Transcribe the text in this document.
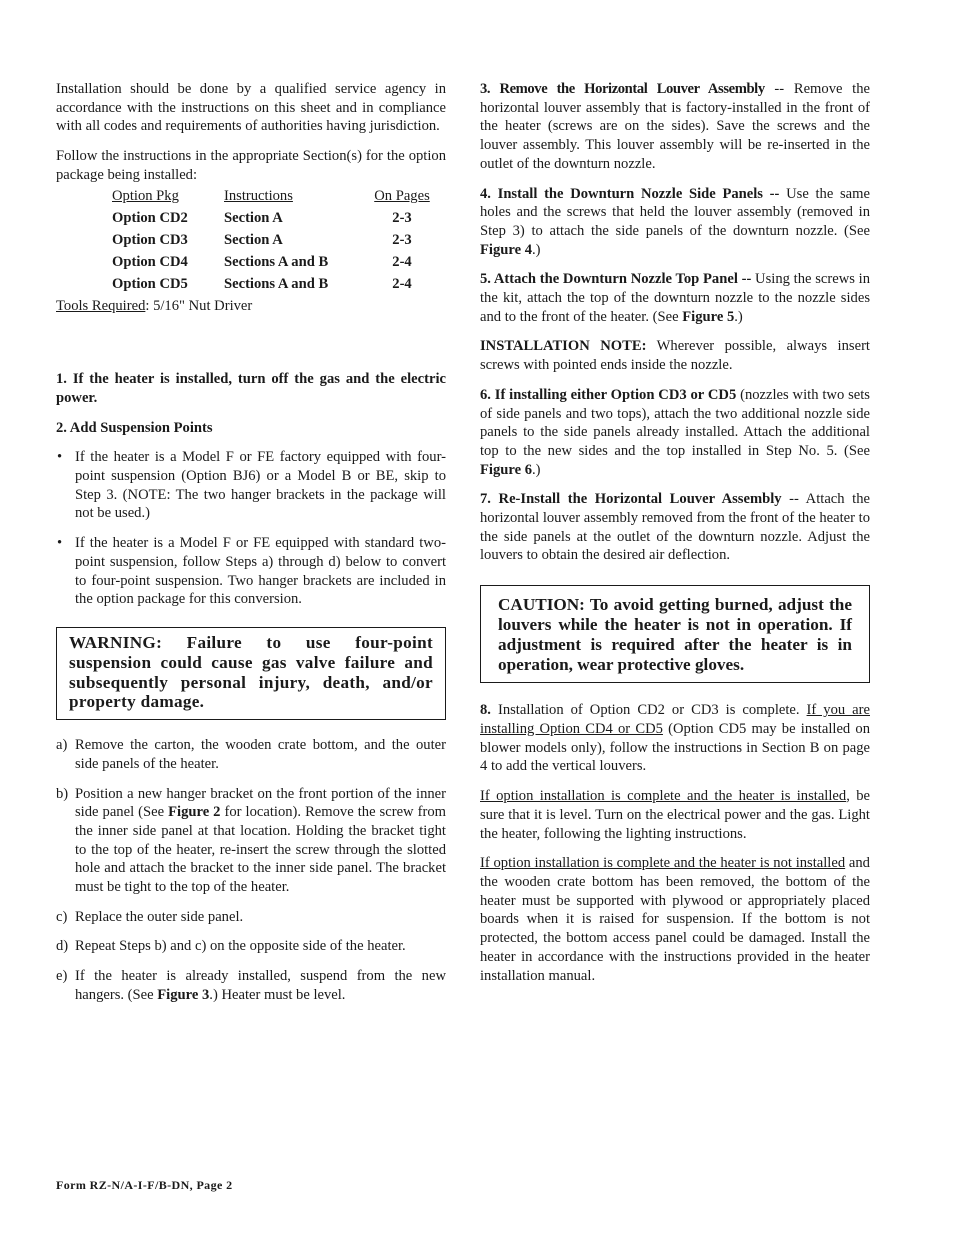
Installation should be done by a qualified service agency in accordance with the instructions on this sheet and in compliance with all codes and requirements of authorities having jurisdiction.

Follow the instructions in the appropriate Section(s) for the option package being installed:

Option Pkg	Instructions	On Pages
Option CD2	Section A	2-3
Option CD3	Section A	2-3
Option CD4	Sections A and B	2-4
Option CD5	Sections A and B	2-4

Tools Required: 5/16" Nut Driver

1. If the heater is installed, turn off the gas and the electric power.

2. Add Suspension Points

• If the heater is a Model F or FE factory equipped with four-point suspension (Option BJ6) or a Model B or BE, skip to Step 3. (NOTE: The two hanger brackets in the package will not be used.)
• If the heater is a Model F or FE equipped with standard two-point suspension, follow Steps a) through d) below to convert to four-point suspension. Two hanger brackets are included in the option package for this conversion.
WARNING: Failure to use four-point suspension could cause gas valve failure and subsequently personal injury, death, and/or property damage.
a) Remove the carton, the wooden crate bottom, and the outer side panels of the heater.
b) Position a new hanger bracket on the front portion of the inner side panel (See Figure 2 for location). Remove the screw from the inner side panel at that location. Holding the bracket tight to the top of the heater, re-insert the screw through the slotted hole and attach the bracket to the inner side panel. The bracket must be tight to the top of the heater.
c) Replace the outer side panel.
d) Repeat Steps b) and c) on the opposite side of the heater.
e) If the heater is already installed, suspend from the new hangers. (See Figure 3.) Heater must be level.

3. Remove the Horizontal Louver Assembly -- Remove the horizontal louver assembly that is factory-installed in the front of the heater (screws are on the sides). Save the screws and the louver assembly. This louver assembly will be re-inserted in the outlet of the downturn nozzle.

4. Install the Downturn Nozzle Side Panels -- Use the same holes and the screws that held the louver assembly (removed in Step 3) to attach the side panels of the downturn nozzle. (See Figure 4.)

5. Attach the Downturn Nozzle Top Panel -- Using the screws in the kit, attach the top of the downturn nozzle to the nozzle sides and to the front of the heater. (See Figure 5.)

INSTALLATION NOTE: Wherever possible, always insert screws with pointed ends inside the nozzle.

6. If installing either Option CD3 or CD5 (nozzles with two sets of side panels and two tops), attach the two additional nozzle side panels to the side panels already installed. Attach the additional top to the new sides and the top installed in Step No. 5. (See Figure 6.)

7. Re-Install the Horizontal Louver Assembly -- Attach the horizontal louver assembly removed from the front of the heater to the side panels at the outlet of the downturn nozzle. Adjust the louvers to obtain the desired air deflection.

CAUTION: To avoid getting burned, adjust the louvers while the heater is not in operation. If adjustment is required after the heater is in operation, wear protective gloves.

8. Installation of Option CD2 or CD3 is complete. If you are installing Option CD4 or CD5 (Option CD5 may be installed on blower models only), follow the instructions in Section B on page 4 to add the vertical louvers.

If option installation is complete and the heater is installed, be sure that it is level. Turn on the electrical power and the gas. Light the heater, following the lighting instructions.

If option installation is complete and the heater is not installed and the wooden crate bottom has been removed, the bottom of the heater must be supported with plywood or appropriately placed boards when it is raised for suspension. If the bottom is not protected, the bottom access panel could be damaged. Install the heater in accordance with the instructions provided in the heater installation manual.

Form RZ-N/A-I-F/B-DN, Page 2
